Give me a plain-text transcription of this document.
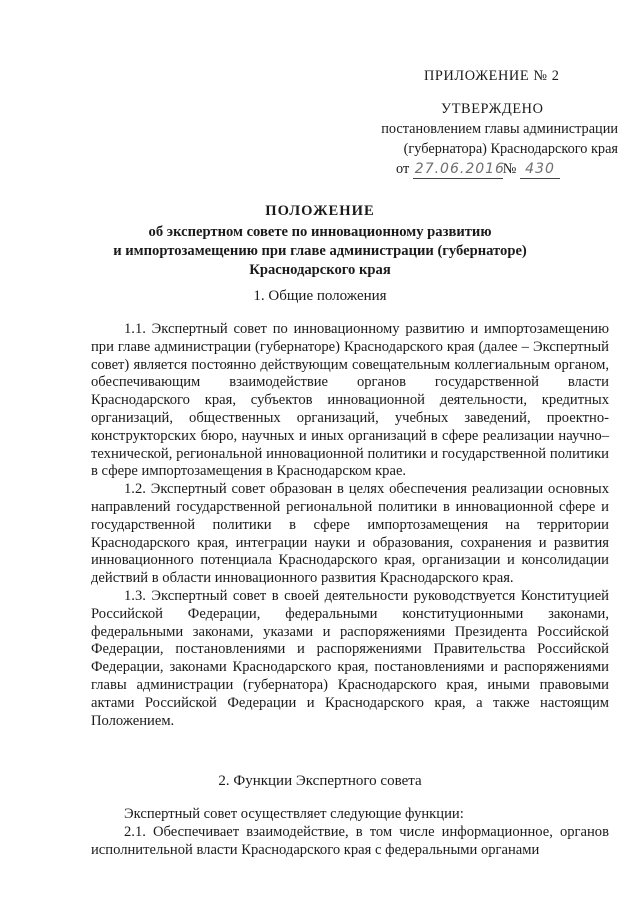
ПРИЛОЖЕНИЕ № 2
УТВЕРЖДЕНО
постановлением главы администрации
(губернатора) Краснодарского края
от 27.06.2016№ 430
ПОЛОЖЕНИЕ
об экспертном совете по инновационному развитию
и импортозамещению при главе администрации (губернаторе)
Краснодарского края
1. Общие положения

1.1. Экспертный совет по инновационному развитию и импортозамещению при главе администрации (губернаторе) Краснодарского края (далее – Экспертный совет) является постоянно действующим совещательным коллегиальным органом, обеспечивающим взаимодействие органов государственной власти Краснодарского края, субъектов инновационной деятельности, кредитных организаций, общественных организаций, учебных заведений, проектно-конструкторских бюро, научных и иных организаций в сфере реализации научно–технической, региональной инновационной политики и государственной политики в сфере импортозамещения в Краснодарском крае.

1.2. Экспертный совет образован в целях обеспечения реализации основных направлений государственной региональной политики в инновационной сфере и государственной политики в сфере импортозамещения на территории Краснодарского края, интеграции науки и образования, сохранения и развития инновационного потенциала Краснодарского края, организации и консолидации действий в области инновационного развития Краснодарского края.

1.3. Экспертный совет в своей деятельности руководствуется Конституцией Российской Федерации, федеральными конституционными законами, федеральными законами, указами и распоряжениями Президента Российской Федерации, постановлениями и распоряжениями Правительства Российской Федерации, законами Краснодарского края, постановлениями и распоряжениями главы администрации (губернатора) Краснодарского края, иными правовыми актами Российской Федерации и Краснодарского края, а также настоящим Положением.

2. Функции Экспертного совета

Экспертный совет осуществляет следующие функции:

2.1. Обеспечивает взаимодействие, в том числе информационное, органов исполнительной власти Краснодарского края с федеральными органами
